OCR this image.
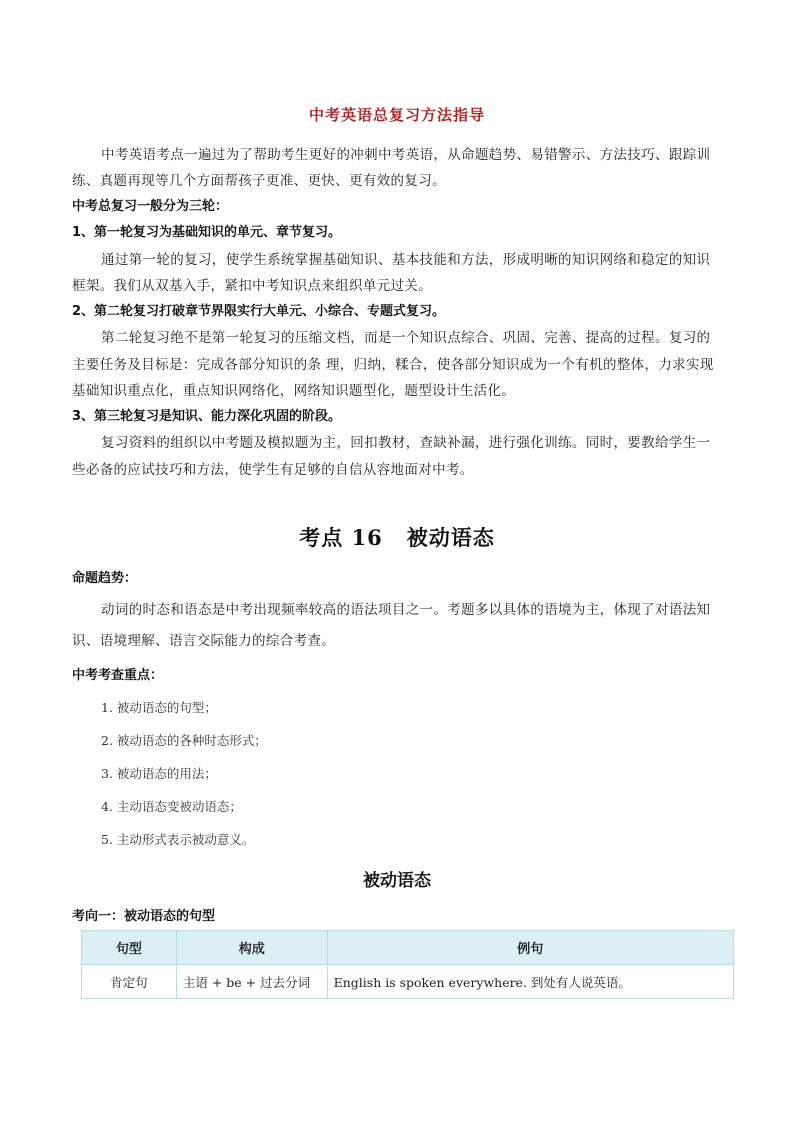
中考英语总复习方法指导
中考英语考点一遍过为了帮助考生更好的冲刺中考英语，从命题趋势、易错警示、方法技巧、跟踪训
练、真题再现等几个方面帮孩子更准、更快、更有效的复习。
中考总复习一般分为三轮：
1、第一轮复习为基础知识的单元、章节复习。
通过第一轮的复习，使学生系统掌握基础知识、基本技能和方法，形成明晰的知识网络和稳定的知识
框架。我们从双基入手，紧扣中考知识点来组织单元过关。
2、第二轮复习打破章节界限实行大单元、小综合、专题式复习。
第二轮复习绝不是第一轮复习的压缩文档，而是一个知识点综合、巩固、完善、提高的过程。复习的
主要任务及目标是：完成各部分知识的条 理，归纳，糅合，使各部分知识成为一个有机的整体，力求实现
基础知识重点化，重点知识网络化，网络知识题型化，题型设计生活化。
3、第三轮复习是知识、能力深化巩固的阶段。
复习资料的组织以中考题及模拟题为主，回扣教材，查缺补漏，进行强化训练。同时，要教给学生一
些必备的应试技巧和方法，使学生有足够的自信从容地面对中考。
考点 16 被动语态
命题趋势：
动词的时态和语态是中考出现频率较高的语法项目之一。考题多以具体的语境为主，体现了对语法知
识、语境理解、语言交际能力的综合考查。
中考考查重点：
1. 被动语态的句型；
2. 被动语态的各种时态形式；
3. 被动语态的用法；
4. 主动语态变被动语态；
5. 主动形式表示被动意义。
被动语态
考向一：被动语态的句型
句型	构成	例句
肯定句	主语 + be + 过去分词	English is spoken everywhere. 到处有人说英语。
